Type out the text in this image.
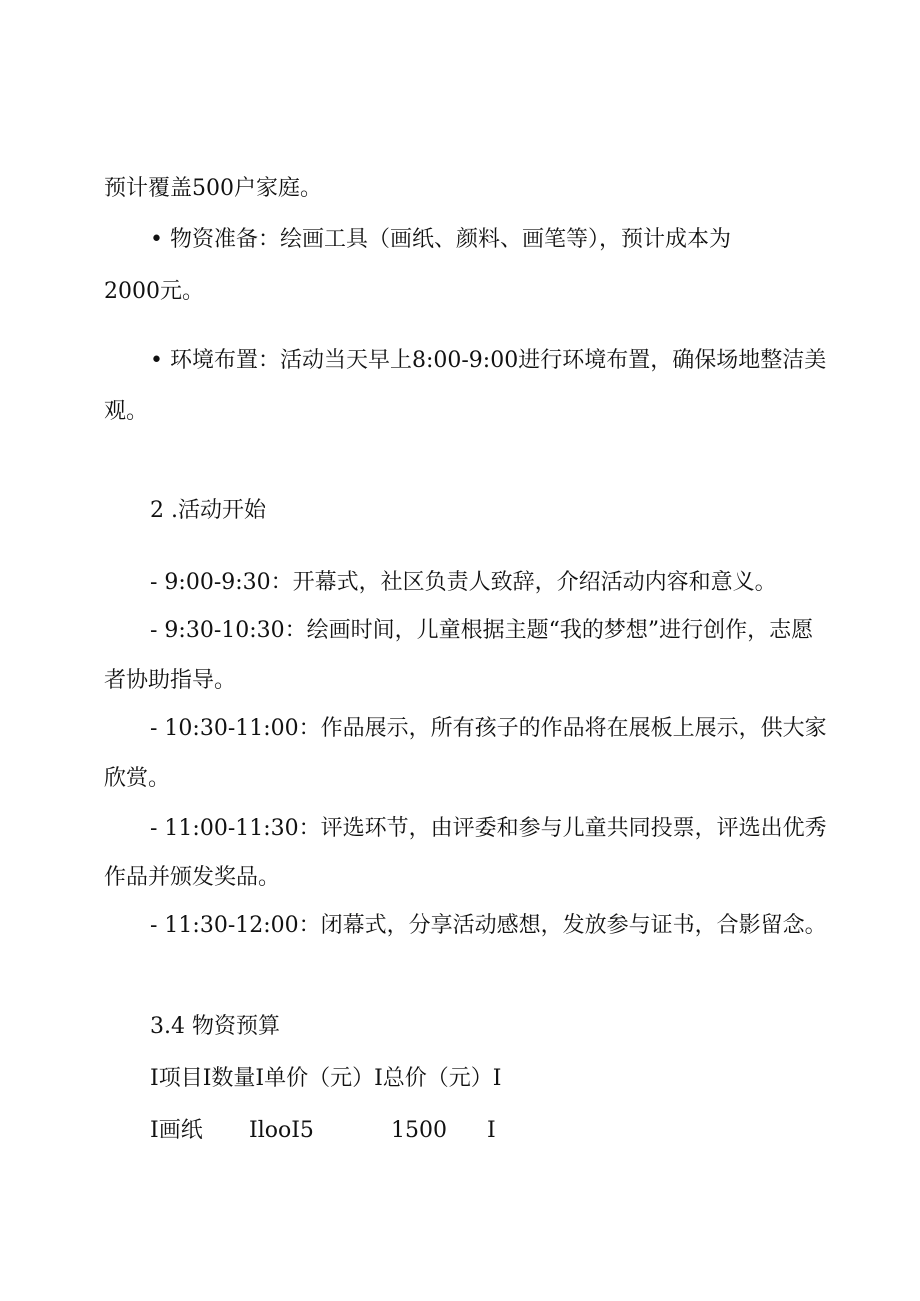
预计覆盖500户家庭。
• 物资准备：绘画工具（画纸、颜料、画笔等），预计成本为
2000元。
• 环境布置：活动当天早上8:00-9:00进行环境布置，确保场地整洁美
观。
2 .活动开始
- 9:00-9:30：开幕式，社区负责人致辞，介绍活动内容和意义。
- 9:30-10:30：绘画时间，儿童根据主题“我的梦想”进行创作，志愿
者协助指导。
- 10:30-11:00：作品展示，所有孩子的作品将在展板上展示，供大家
欣赏。
- 11:00-11:30：评选环节，由评委和参与儿童共同投票，评选出优秀
作品并颁发奖品。
- 11:30-12:00：闭幕式，分享活动感想，发放参与证书，合影留念。
3.4 物资预算
I项目I数量I单价（元）I总价（元）I
I画纸 IlooI5	1500 I
